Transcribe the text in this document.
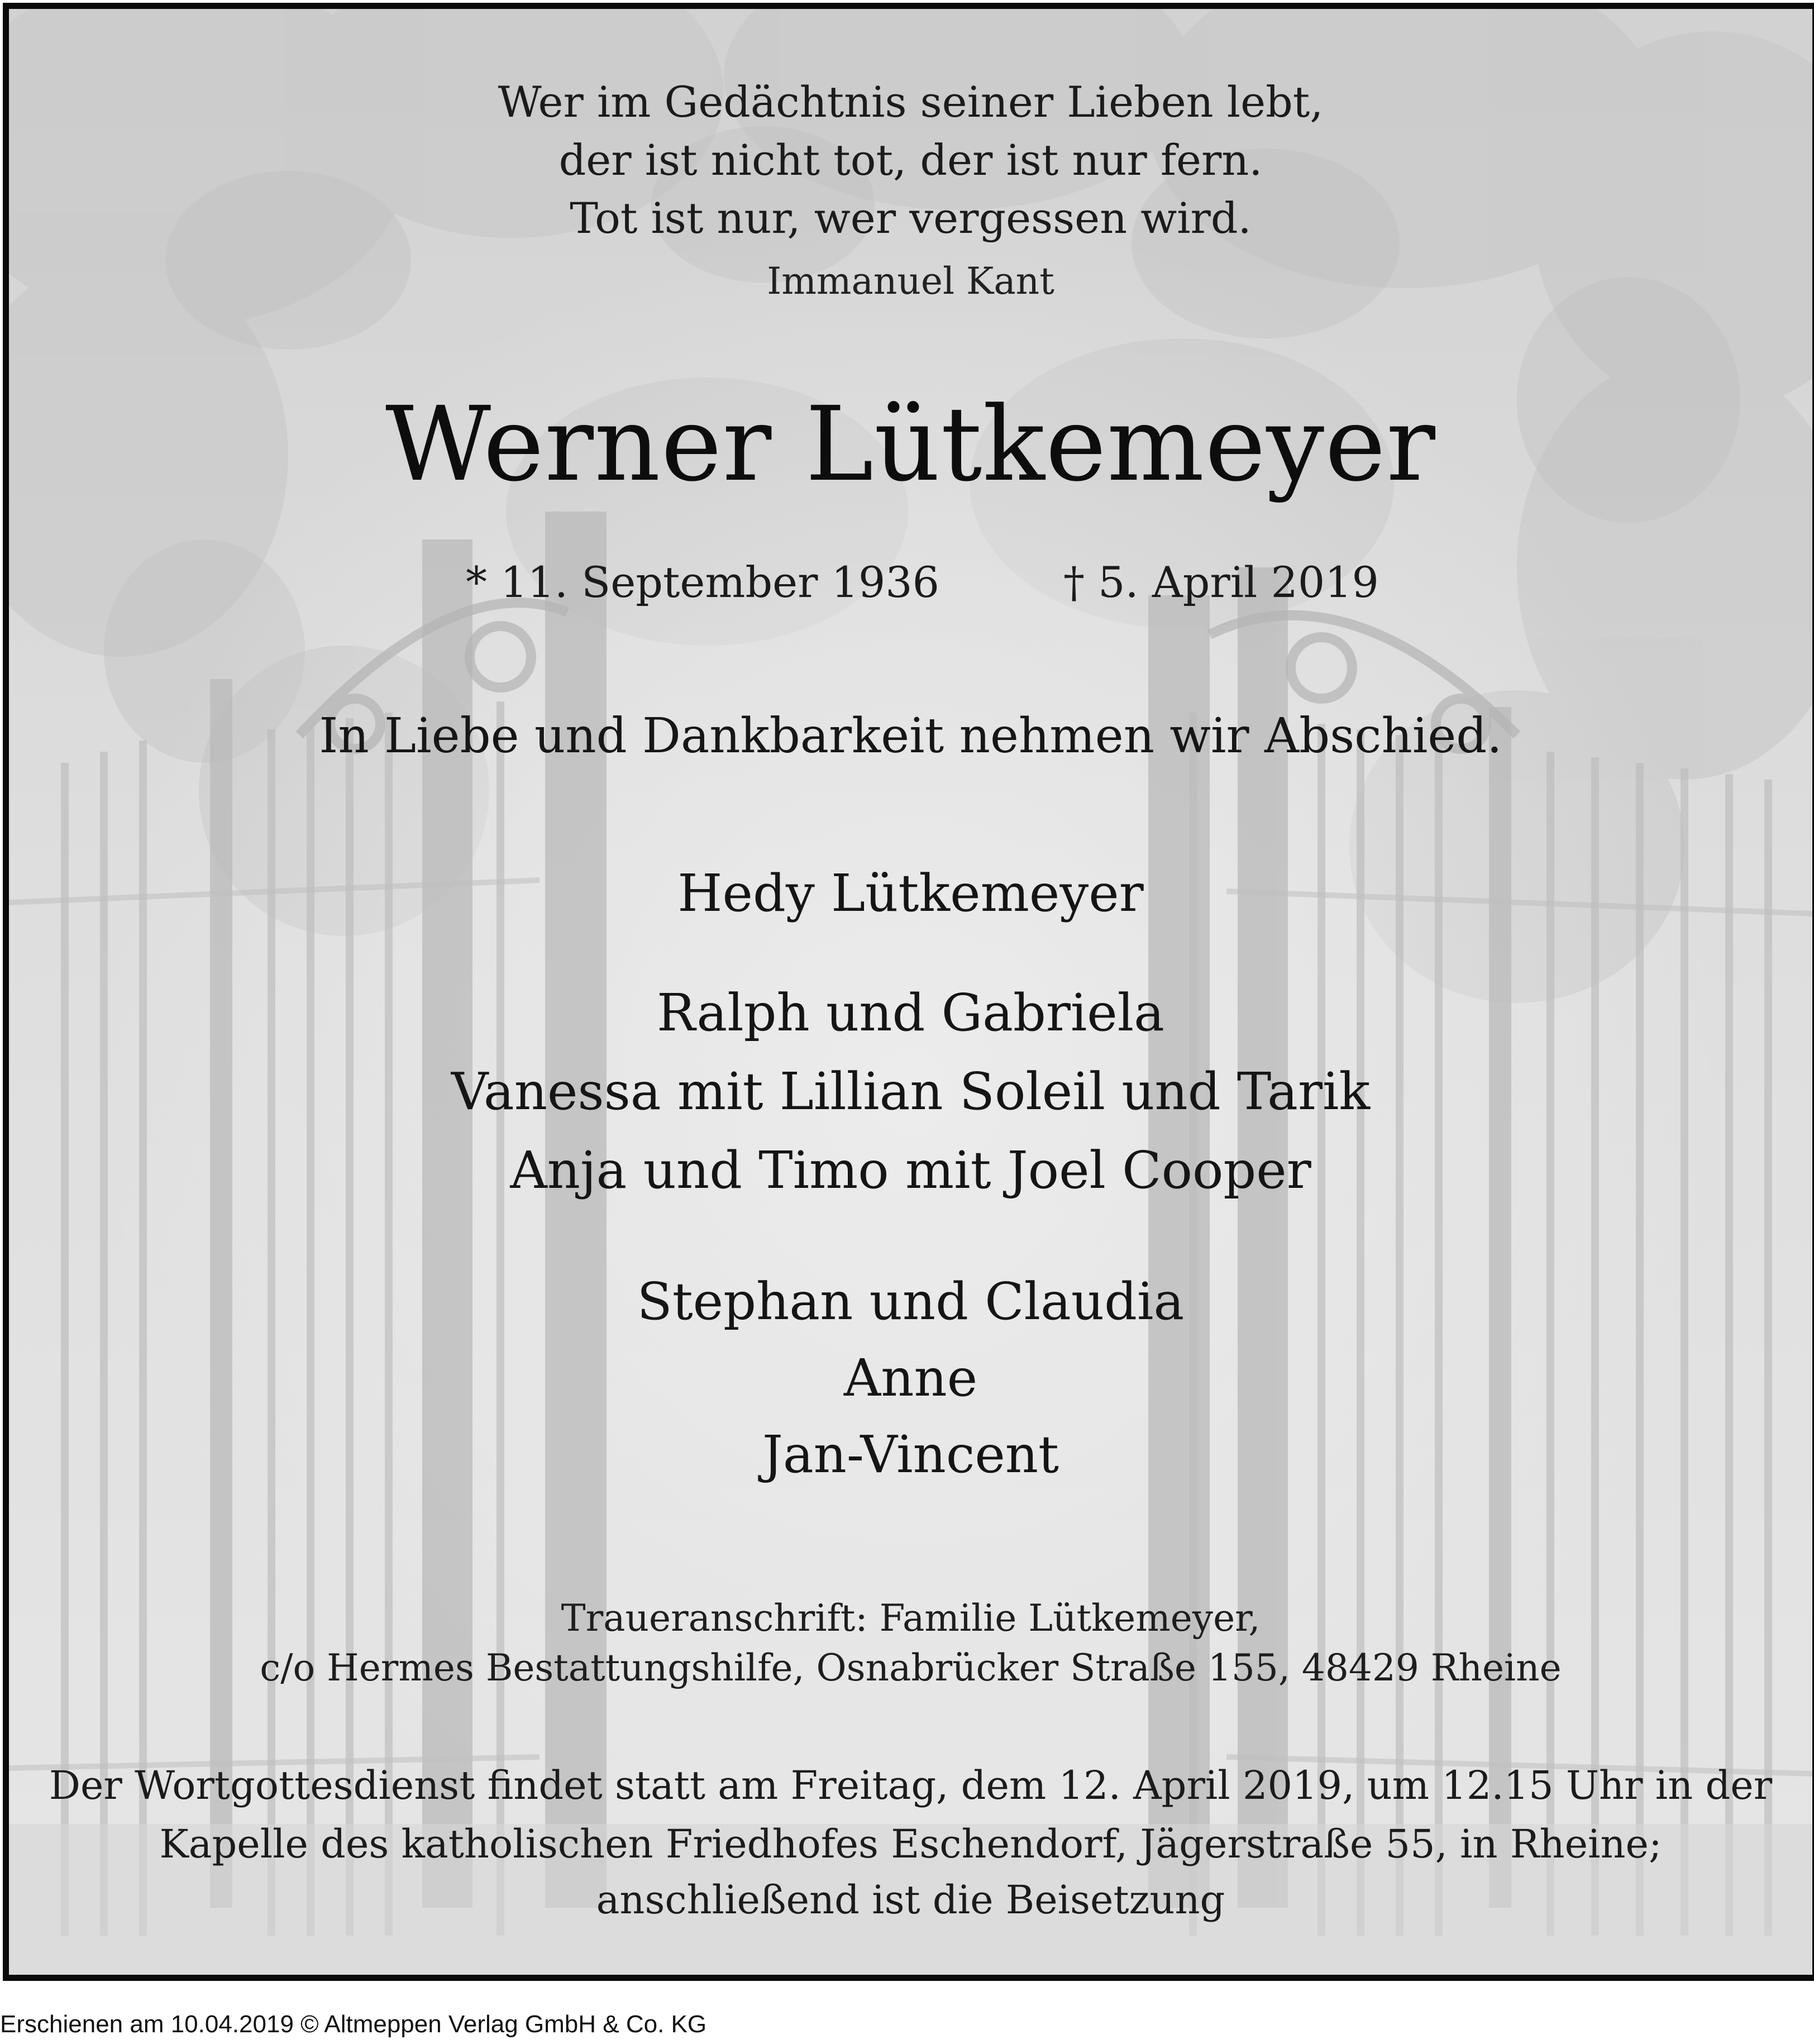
Wer im Gedächtnis seiner Lieben lebt,
der ist nicht tot, der ist nur fern.
Tot ist nur, wer vergessen wird.
Immanuel Kant
Werner Lütkemeyer
* 11. September 1936	† 5. April 2019
In Liebe und Dankbarkeit nehmen wir Abschied.
Hedy Lütkemeyer
Ralph und Gabriela
Vanessa mit Lillian Soleil und Tarik
Anja und Timo mit Joel Cooper
Stephan und Claudia
Anne
Jan-Vincent
Traueranschrift: Familie Lütkemeyer,
c/o Hermes Bestattungshilfe, Osnabrücker Straße 155, 48429 Rheine
Der Wortgottesdienst findet statt am Freitag, dem 12. April 2019, um 12.15 Uhr in der
Kapelle des katholischen Friedhofes Eschendorf, Jägerstraße 55, in Rheine;
anschließend ist die Beisetzung
Erschienen am 10.04.2019 © Altmeppen Verlag GmbH & Co. KG
